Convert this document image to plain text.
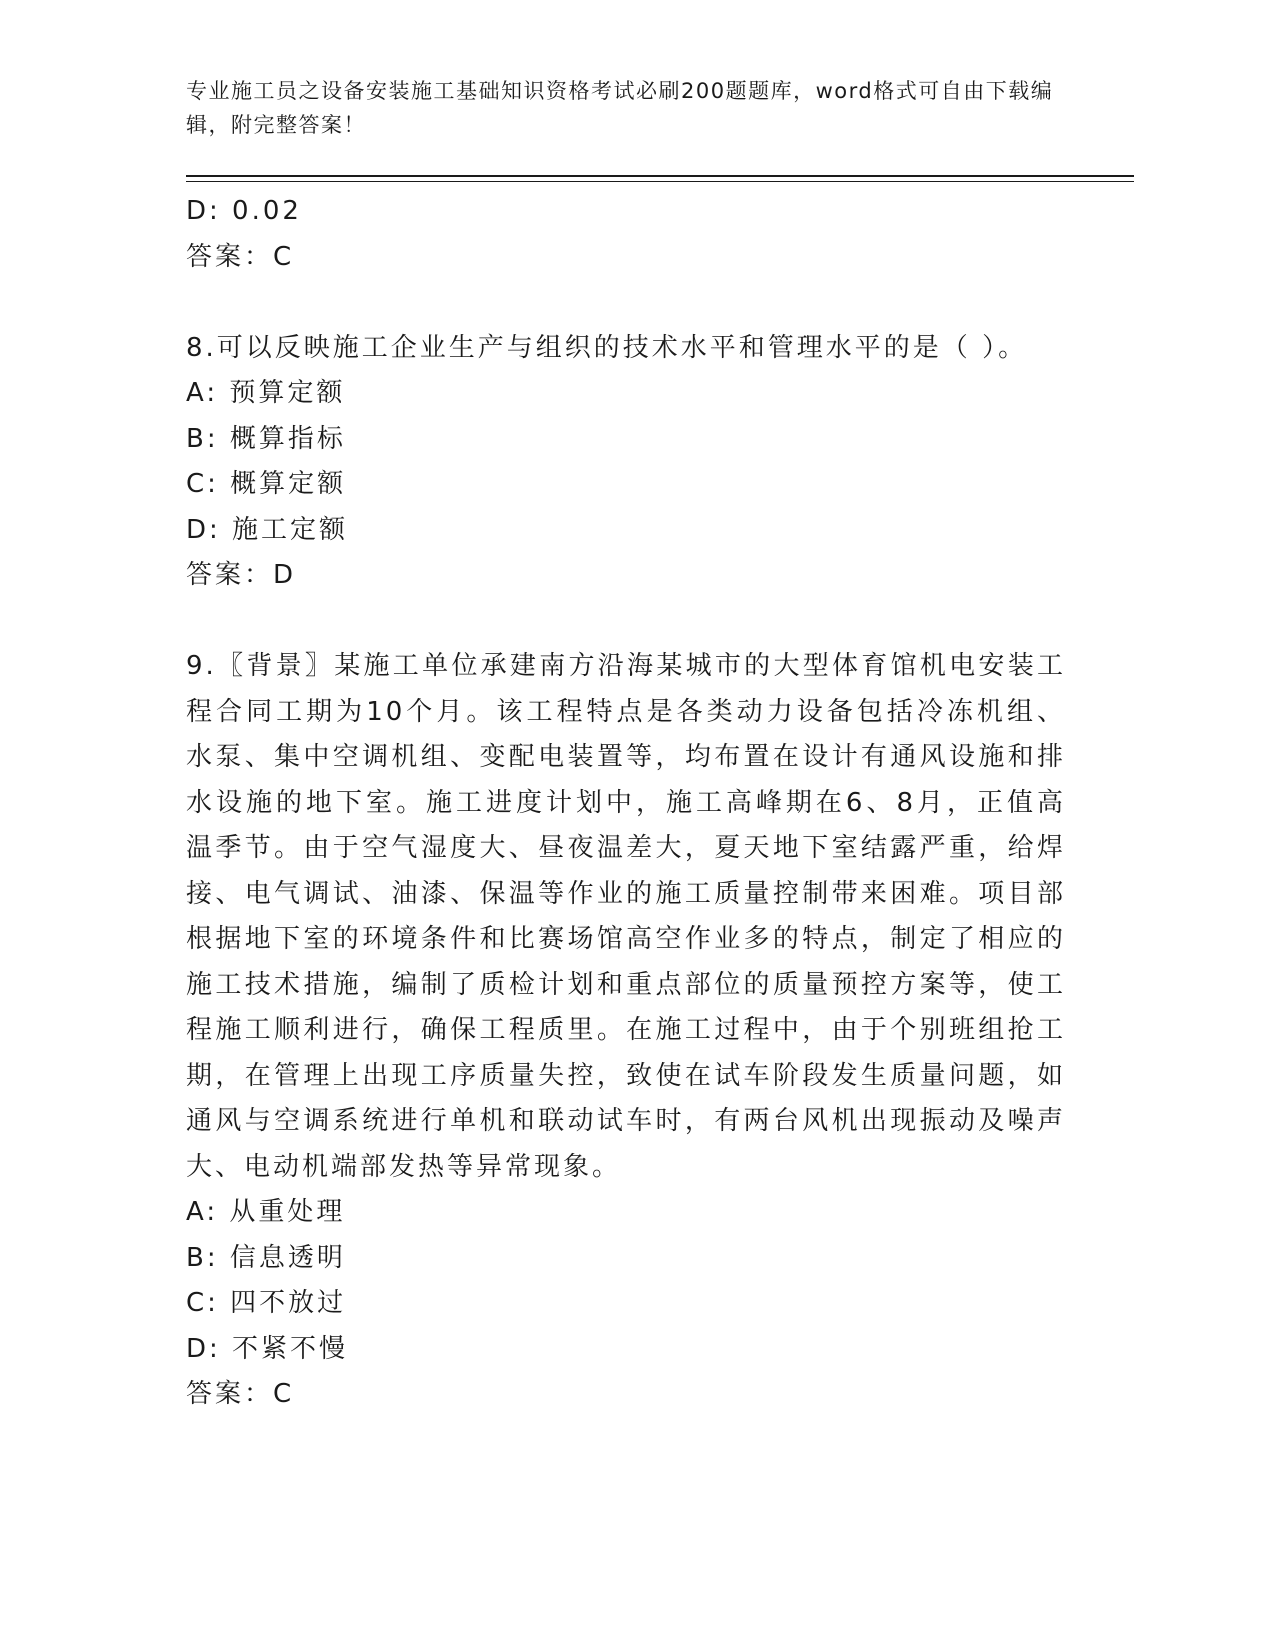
专业施工员之设备安装施工基础知识资格考试必刷200题题库，word格式可自由下载编辑，附完整答案！
D: 0.02
答案：C
8.可以反映施工企业生产与组织的技术水平和管理水平的是（ ）。
A: 预算定额
B: 概算指标
C: 概算定额
D: 施工定额
答案：D
9.〖背景〗某施工单位承建南方沿海某城市的大型体育馆机电安装工程合同工期为10个月。该工程特点是各类动力设备包括冷冻机组、水泵、集中空调机组、变配电装置等，均布置在设计有通风设施和排水设施的地下室。施工进度计划中，施工高峰期在6、8月，正值高温季节。由于空气湿度大、昼夜温差大，夏天地下室结露严重，给焊接、电气调试、油漆、保温等作业的施工质量控制带来困难。项目部根据地下室的环境条件和比赛场馆高空作业多的特点，制定了相应的施工技术措施，编制了质检计划和重点部位的质量预控方案等，使工程施工顺利进行，确保工程质里。在施工过程中，由于个别班组抢工期，在管理上出现工序质量失控，致使在试车阶段发生质量问题，如通风与空调系统进行单机和联动试车时，有两台风机出现振动及噪声大、电动机端部发热等异常现象。
A: 从重处理
B: 信息透明
C: 四不放过
D: 不紧不慢
答案：C
